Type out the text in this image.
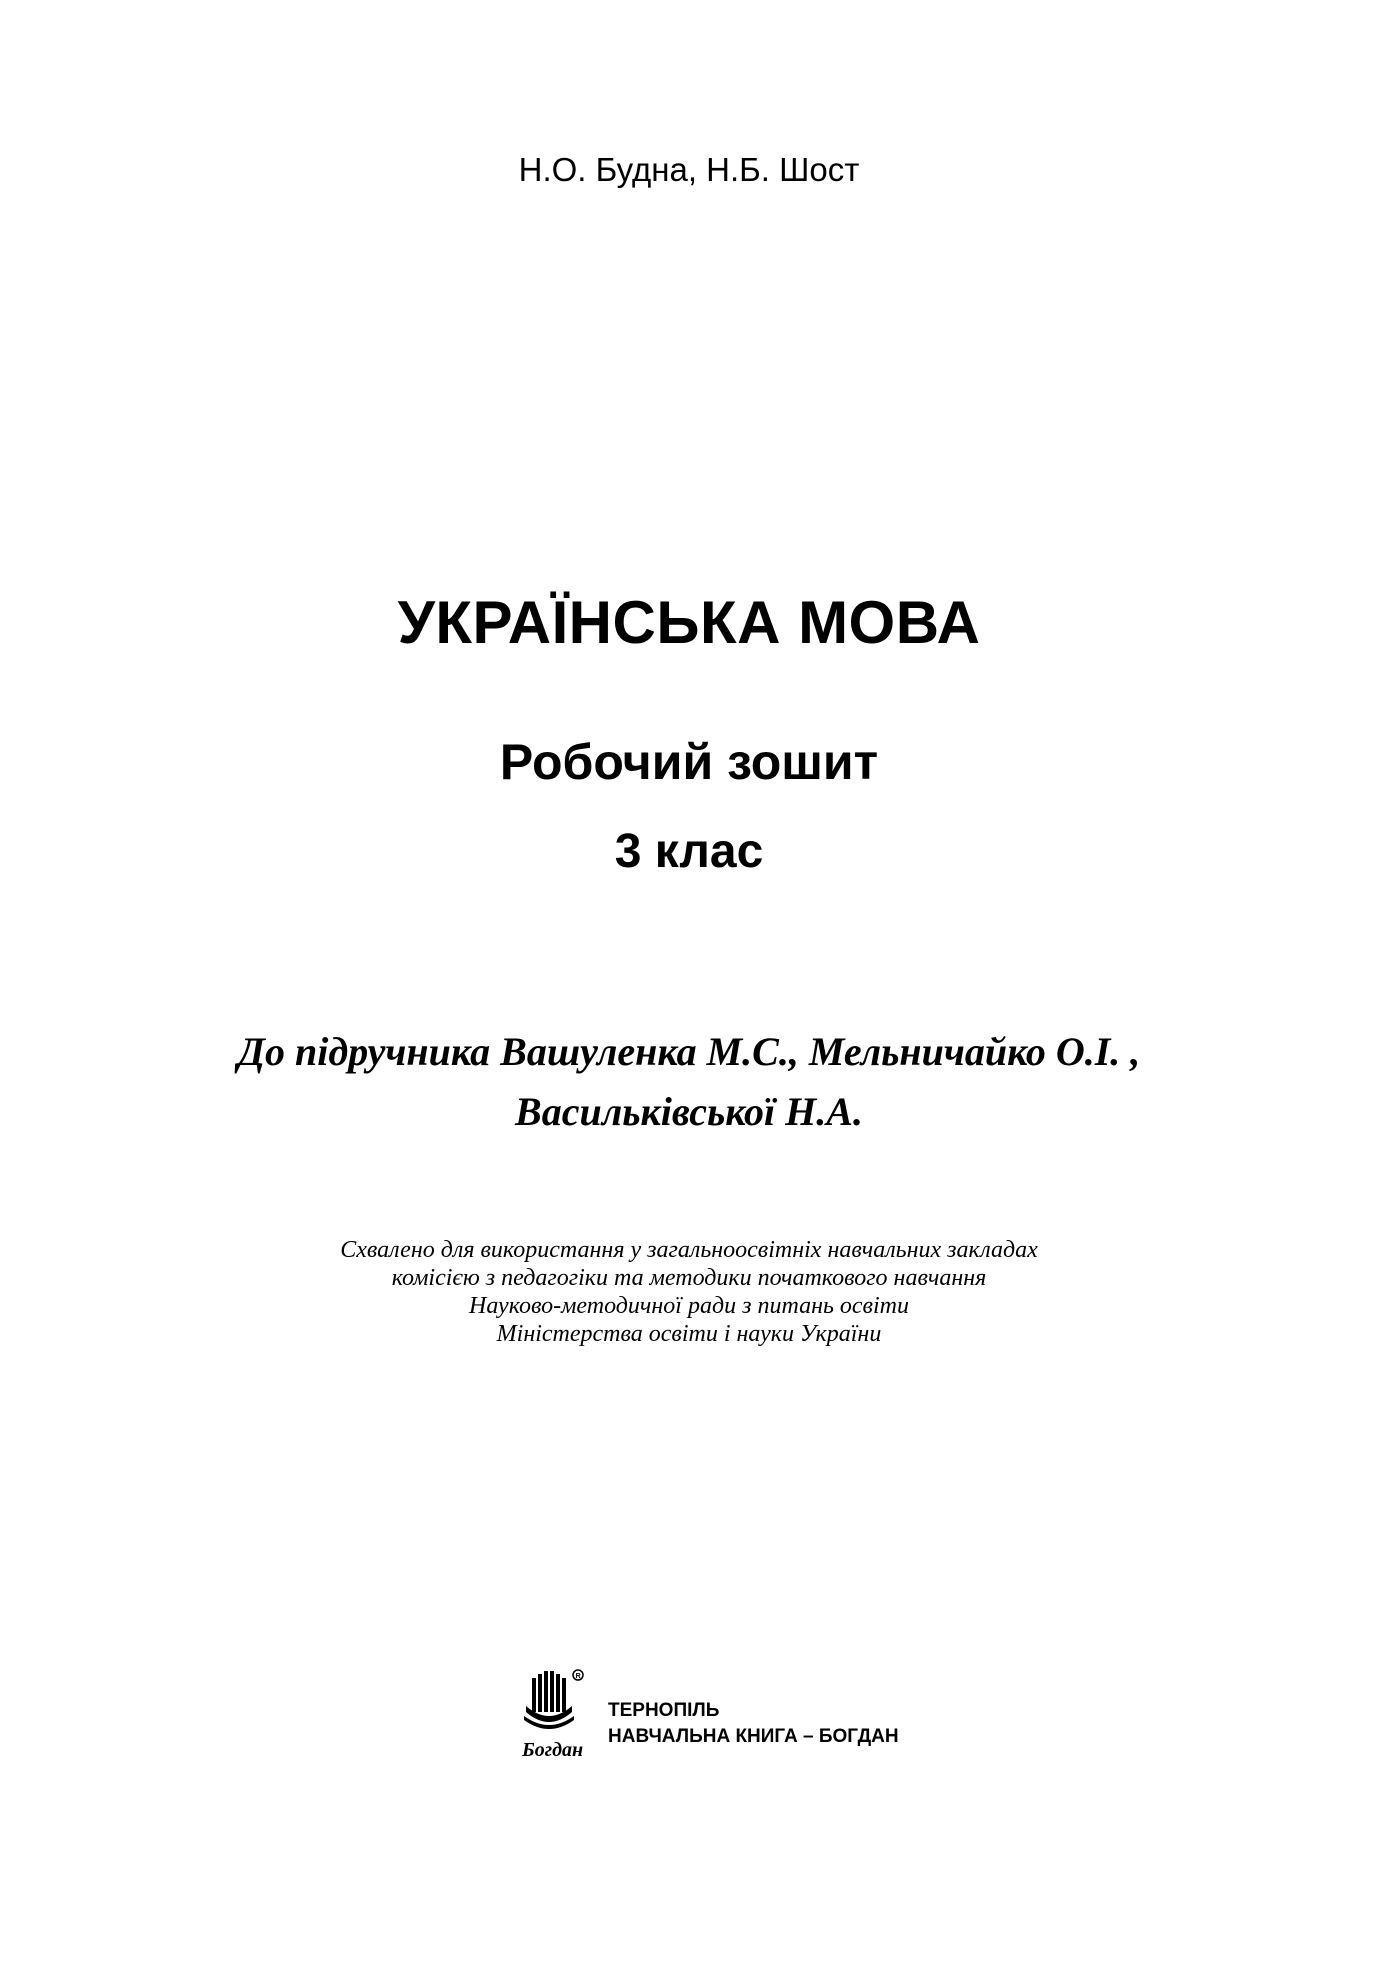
Н.О. Будна, Н.Б. Шост
УКРАЇНСЬКА МОВА
Робочий зошит
3 клас
До підручника Вашуленка М.С., Мельничайко О.І. ,
Васильківської Н.А.
Схвалено для використання у загальноосвітніх навчальних закладах
комісією з педагогіки та методики початкового навчання
Науково-методичної ради з питань освіти
Міністерства освіти і науки України
R
Богдан
ТЕРНОПІЛЬ
НАВЧАЛЬНА КНИГА – БОГДАН
